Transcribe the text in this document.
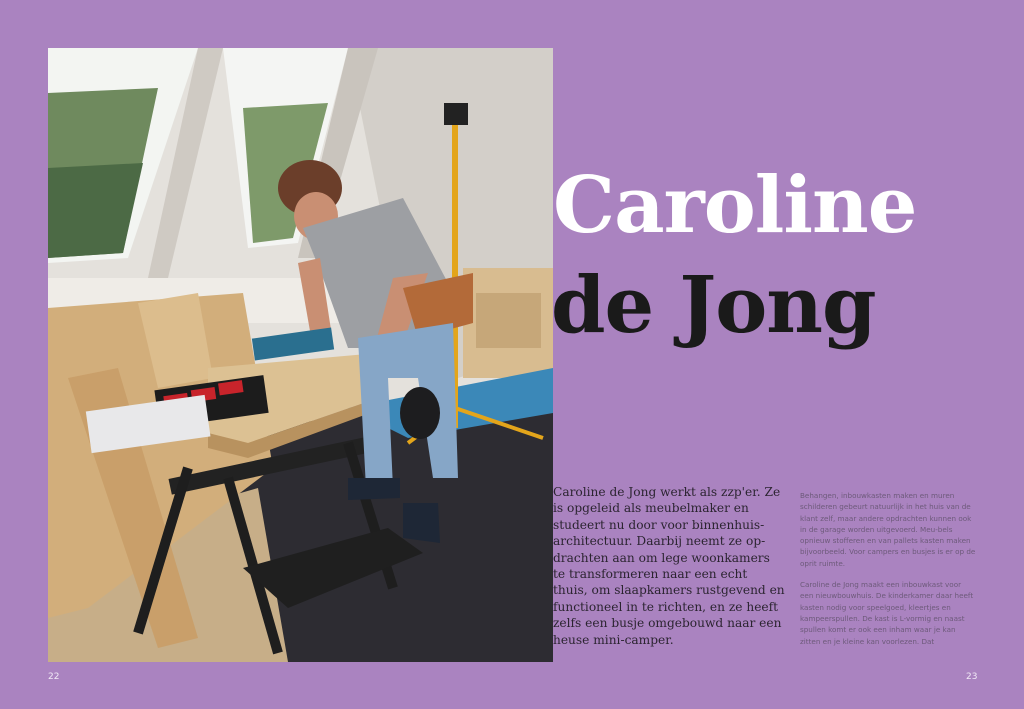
Caroline
de Jong

Caroline de Jong werkt als zzp'er. Ze is opgeleid als meubelmaker en studeert nu door voor binnenhuis-architectuur. Daarbij neemt ze op-drachten aan om lege woonkamers te transformeren naar een echt thuis, om slaapkamers rustgevend en functioneel in te richten, en ze heeft zelfs een busje omgebouwd naar een heuse mini-camper.

Behangen, inbouwkasten maken en muren schilderen gebeurt natuurlijk in het huis van de klant zelf, maar andere opdrachten kunnen ook in de garage worden uitgevoerd. Meu-bels opnieuw stofferen en van pallets kasten maken bijvoorbeeld. Voor campers en busjes is er op de oprit ruimte.

Caroline de Jong maakt een inbouwkast voor een nieuwbouwhuis. De kinderkamer daar heeft kasten nodig voor speelgoed, kleertjes en kampeerspullen. De kast is L-vormig en naast spullen komt er ook een inham waar je kan zitten en je kleine kan voorlezen. Dat

22	23
